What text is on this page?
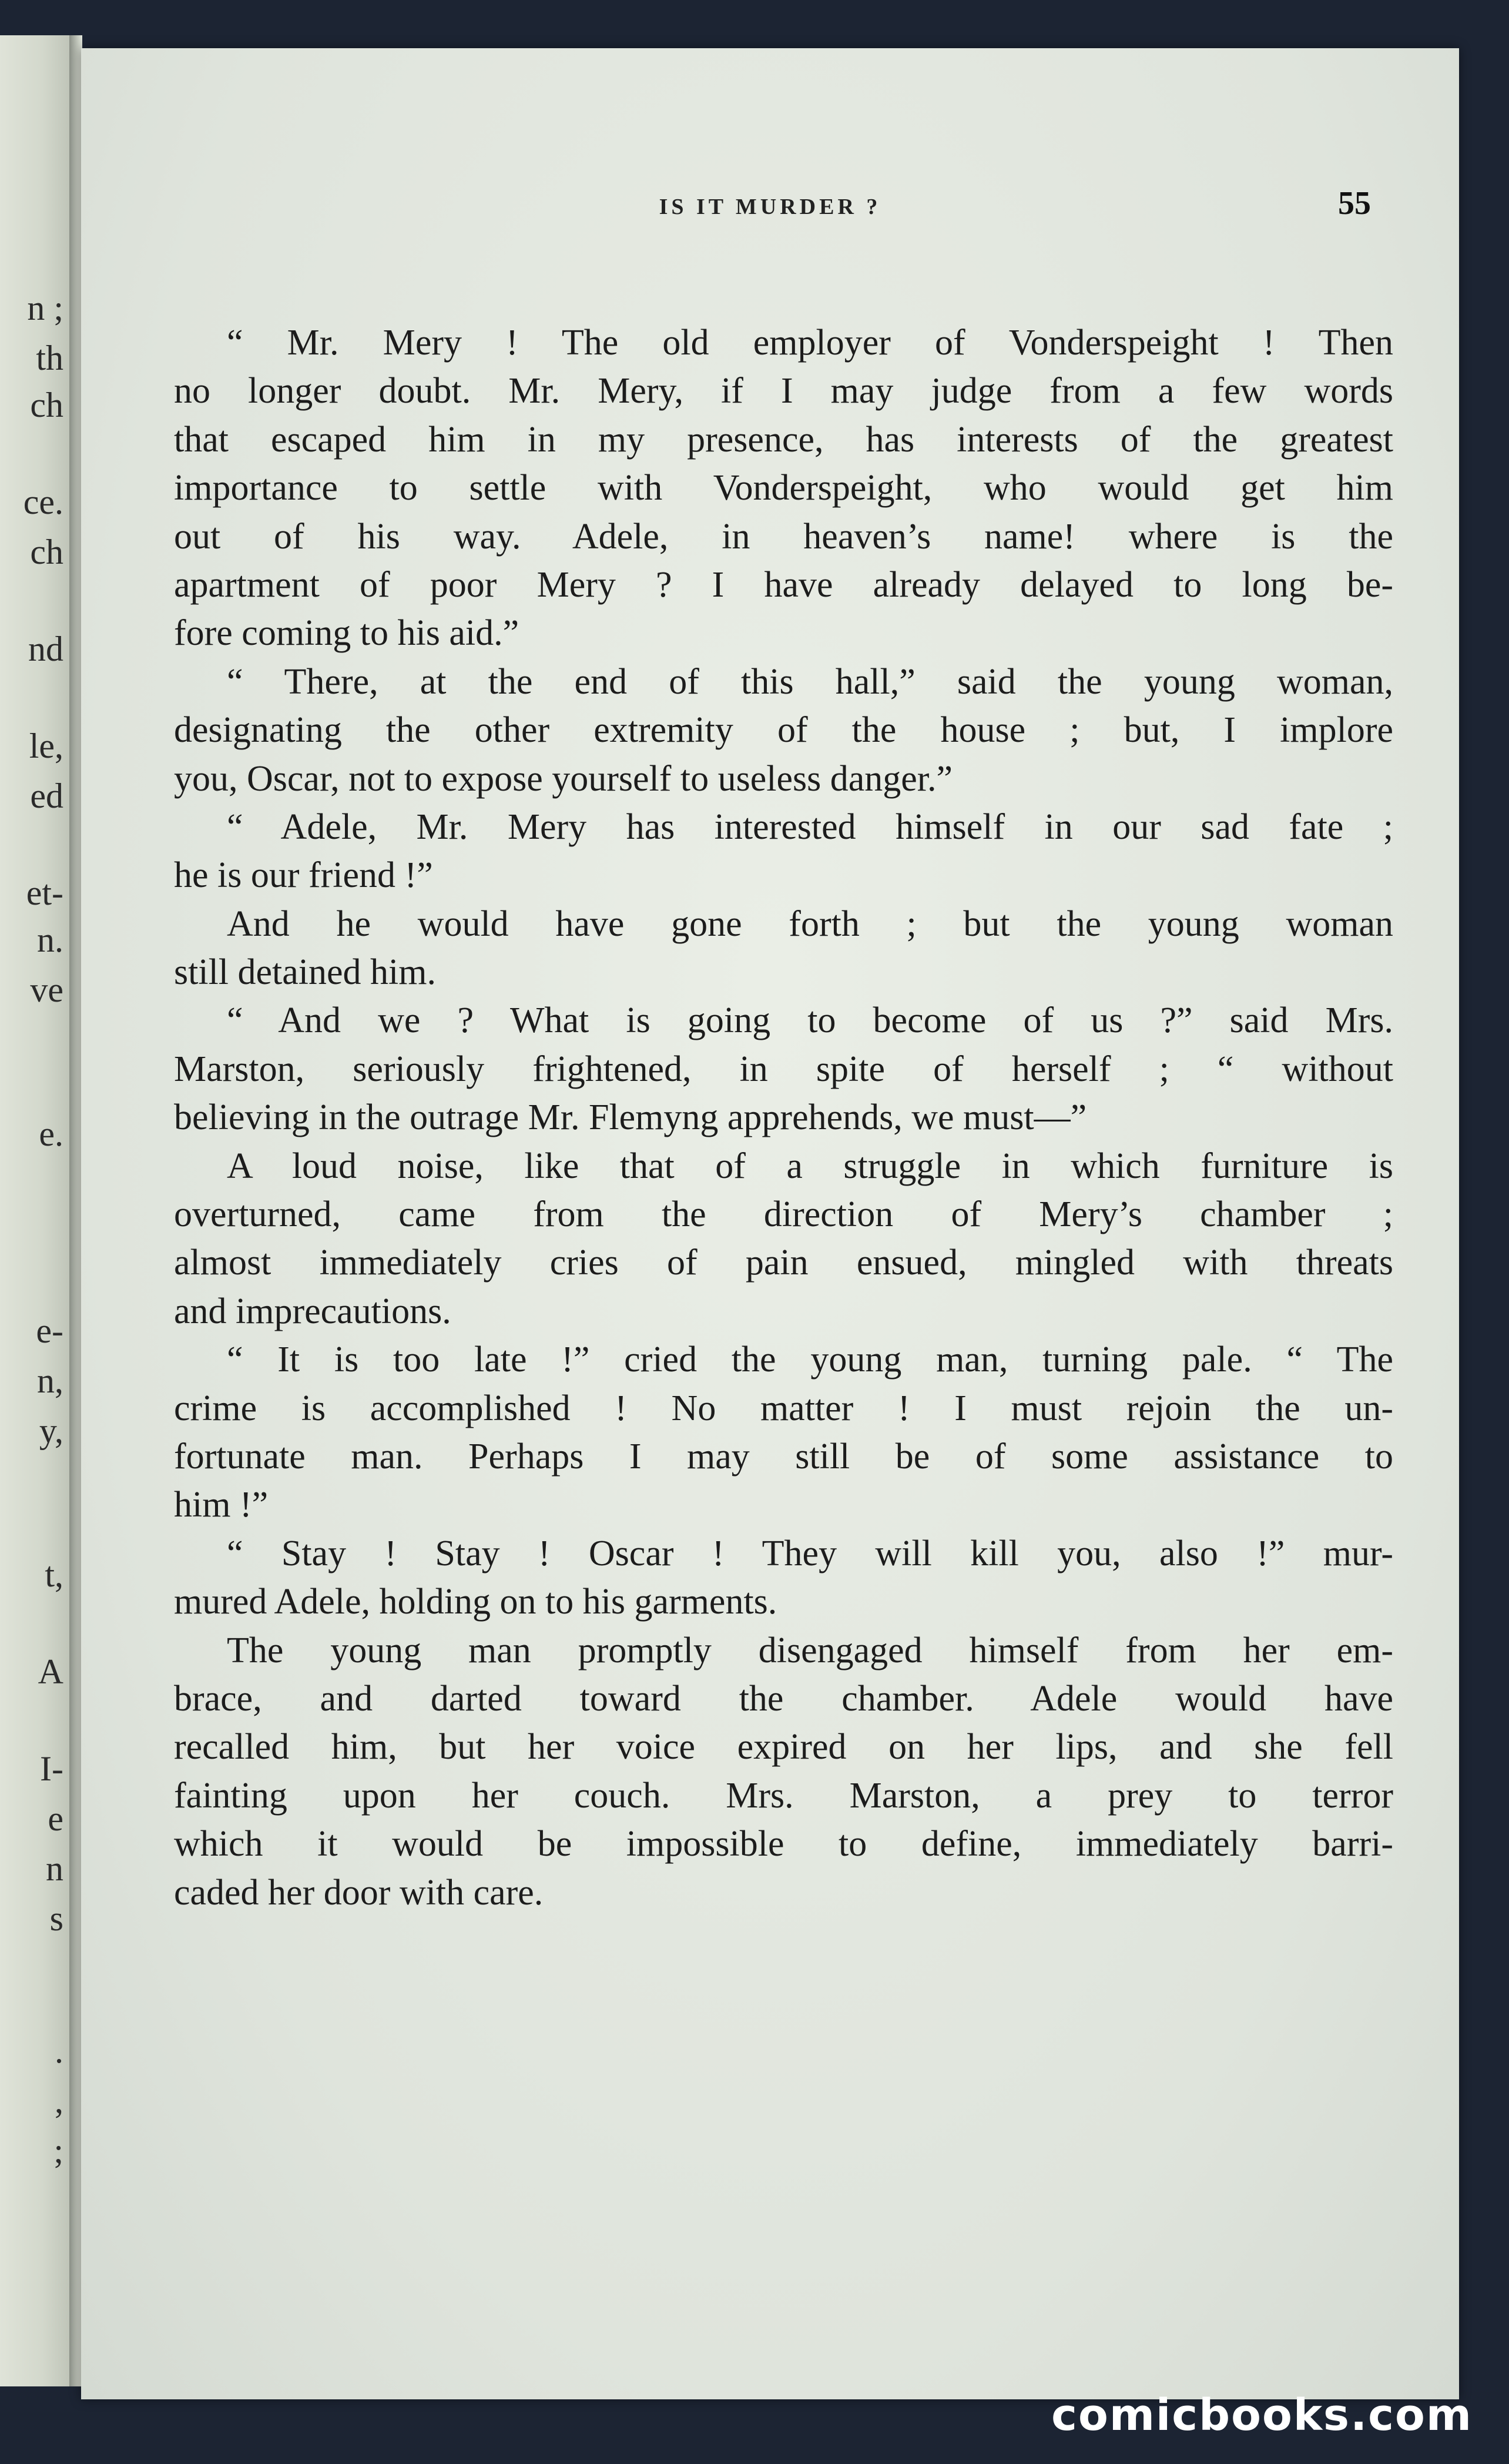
n ;
th
ch
ce.
ch
nd
le,
ed
et-
n.
ve
e.
e-
n,
y,
t,
A
I-
e
n
s
.
,
;
IS IT MURDER ?	55
“ Mr. Mery ! The old employer of Vonderspeight ! Then
no longer doubt. Mr. Mery, if I may judge from a few words
that escaped him in my presence, has interests of the greatest
importance to settle with Vonderspeight, who would get him
out of his way. Adele, in heaven’s name! where is the
apartment of poor Mery ? I have already delayed to long be-
fore coming to his aid.”
“ There, at the end of this hall,” said the young woman,
designating the other extremity of the house ; but, I implore
you, Oscar, not to expose yourself to useless danger.”
“ Adele, Mr. Mery has interested himself in our sad fate ;
he is our friend !”
And he would have gone forth ; but the young woman
still detained him.
“ And we ? What is going to become of us ?” said Mrs.
Marston, seriously frightened, in spite of herself ; “ without
believing in the outrage Mr. Flemyng apprehends, we must—”
A loud noise, like that of a struggle in which furniture is
overturned, came from the direction of Mery’s chamber ;
almost immediately cries of pain ensued, mingled with threats
and imprecautions.
“ It is too late !” cried the young man, turning pale. “ The
crime is accomplished ! No matter ! I must rejoin the un-
fortunate man. Perhaps I may still be of some assistance to
him !”
“ Stay ! Stay ! Oscar ! They will kill you, also !” mur-
mured Adele, holding on to his garments.
The young man promptly disengaged himself from her em-
brace, and darted toward the chamber. Adele would have
recalled him, but her voice expired on her lips, and she fell
fainting upon her couch. Mrs. Marston, a prey to terror
which it would be impossible to define, immediately barri-
caded her door with care.
comicbooks.com
